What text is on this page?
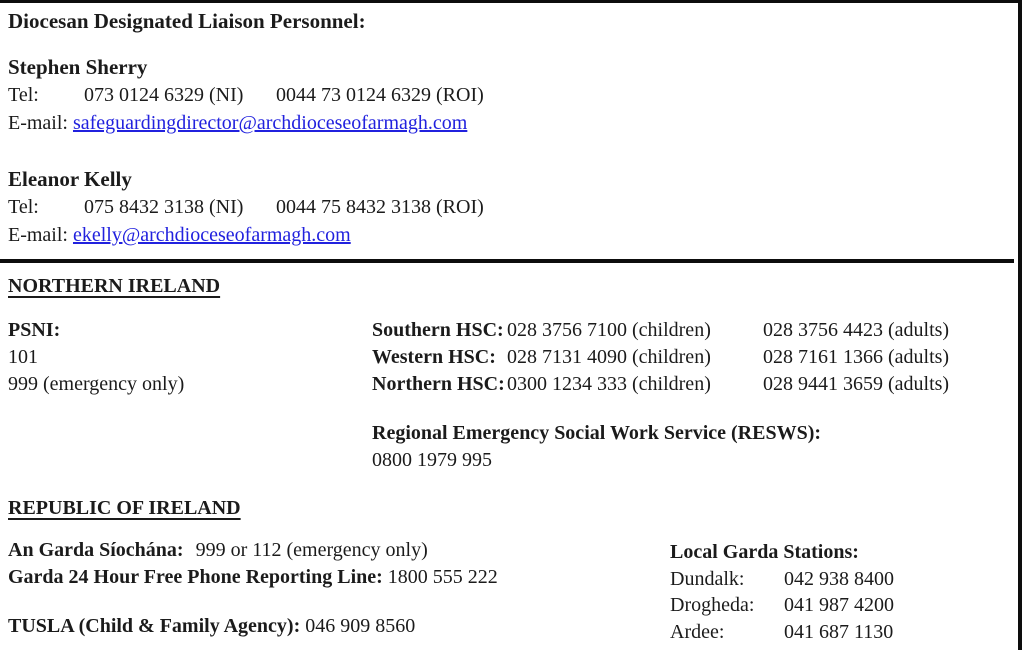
Diocesan Designated Liaison Personnel:
Stephen Sherry
Tel:	073 0124 6329 (NI)	0044 73 0124 6329 (ROI)
E-mail: safeguardingdirector@archdioceseofarmagh.com
Eleanor Kelly
Tel:	075 8432 3138 (NI)	0044 75 8432 3138 (ROI)
E-mail: ekelly@archdioceseofarmagh.com
NORTHERN IRELAND
PSNI:
101
999 (emergency only)
Southern HSC: 028 3756 7100 (children)	028 3756 4423 (adults)
Western HSC: 028 7131 4090 (children)	028 7161 1366 (adults)
Northern HSC: 0300 1234 333 (children)	028 9441 3659 (adults)
Regional Emergency Social Work Service (RESWS):
0800 1979 995
REPUBLIC OF IRELAND
An Garda Síochána: 999 or 112 (emergency only)
Garda 24 Hour Free Phone Reporting Line: 1800 555 222
TUSLA (Child & Family Agency): 046 909 8560
Local Garda Stations:
Dundalk:	042 938 8400
Drogheda:	041 987 4200
Ardee:	041 687 1130
